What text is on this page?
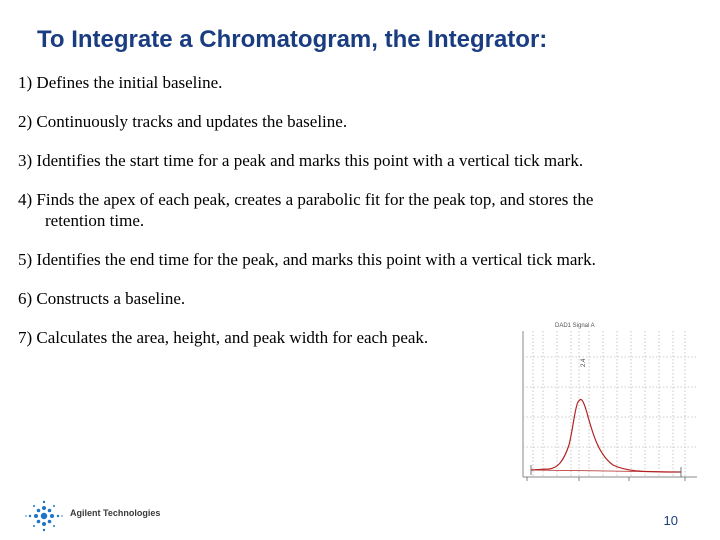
To Integrate a Chromatogram, the Integrator:
1) Defines the initial baseline.
2) Continuously tracks and updates the baseline.
3) Identifies the start time for a peak and marks this point with a vertical tick mark.
4) Finds the apex of each peak, creates a parabolic fit for the peak top, and stores the retention time.
5) Identifies the end time for the peak, and marks this point with a vertical tick mark.
6) Constructs a baseline.
7) Calculates the area, height, and peak width for each peak.
DAD1 Signal A
2.4
Agilent Technologies	10
